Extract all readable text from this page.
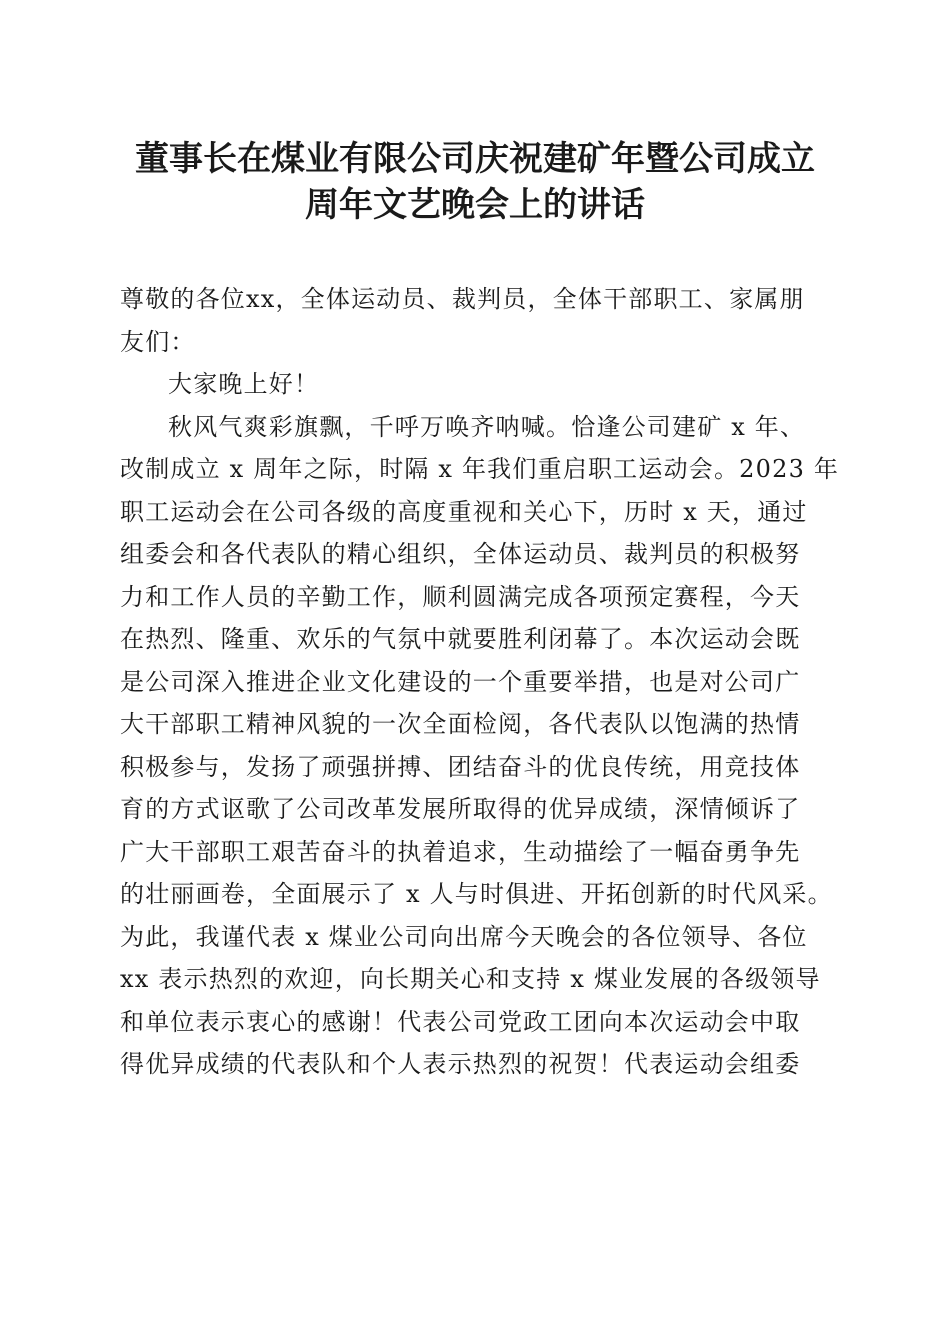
董事长在煤业有限公司庆祝建矿年暨公司成立
周年文艺晚会上的讲话
尊敬的各位xx，全体运动员、裁判员，全体干部职工、家属朋
友们：
大家晚上好！
秋风气爽彩旗飘，千呼万唤齐呐喊。恰逢公司建矿 x 年、
改制成立 x 周年之际，时隔 x 年我们重启职工运动会。2023 年
职工运动会在公司各级的高度重视和关心下，历时 x 天，通过
组委会和各代表队的精心组织，全体运动员、裁判员的积极努
力和工作人员的辛勤工作，顺利圆满完成各项预定赛程，今天
在热烈、隆重、欢乐的气氛中就要胜利闭幕了。本次运动会既
是公司深入推进企业文化建设的一个重要举措，也是对公司广
大干部职工精神风貌的一次全面检阅，各代表队以饱满的热情
积极参与，发扬了顽强拼搏、团结奋斗的优良传统，用竞技体
育的方式讴歌了公司改革发展所取得的优异成绩，深情倾诉了
广大干部职工艰苦奋斗的执着追求，生动描绘了一幅奋勇争先
的壮丽画卷，全面展示了 x 人与时俱进、开拓创新的时代风采。
为此，我谨代表 x 煤业公司向出席今天晚会的各位领导、各位
xx 表示热烈的欢迎，向长期关心和支持 x 煤业发展的各级领导
和单位表示衷心的感谢！代表公司党政工团向本次运动会中取
得优异成绩的代表队和个人表示热烈的祝贺！代表运动会组委
